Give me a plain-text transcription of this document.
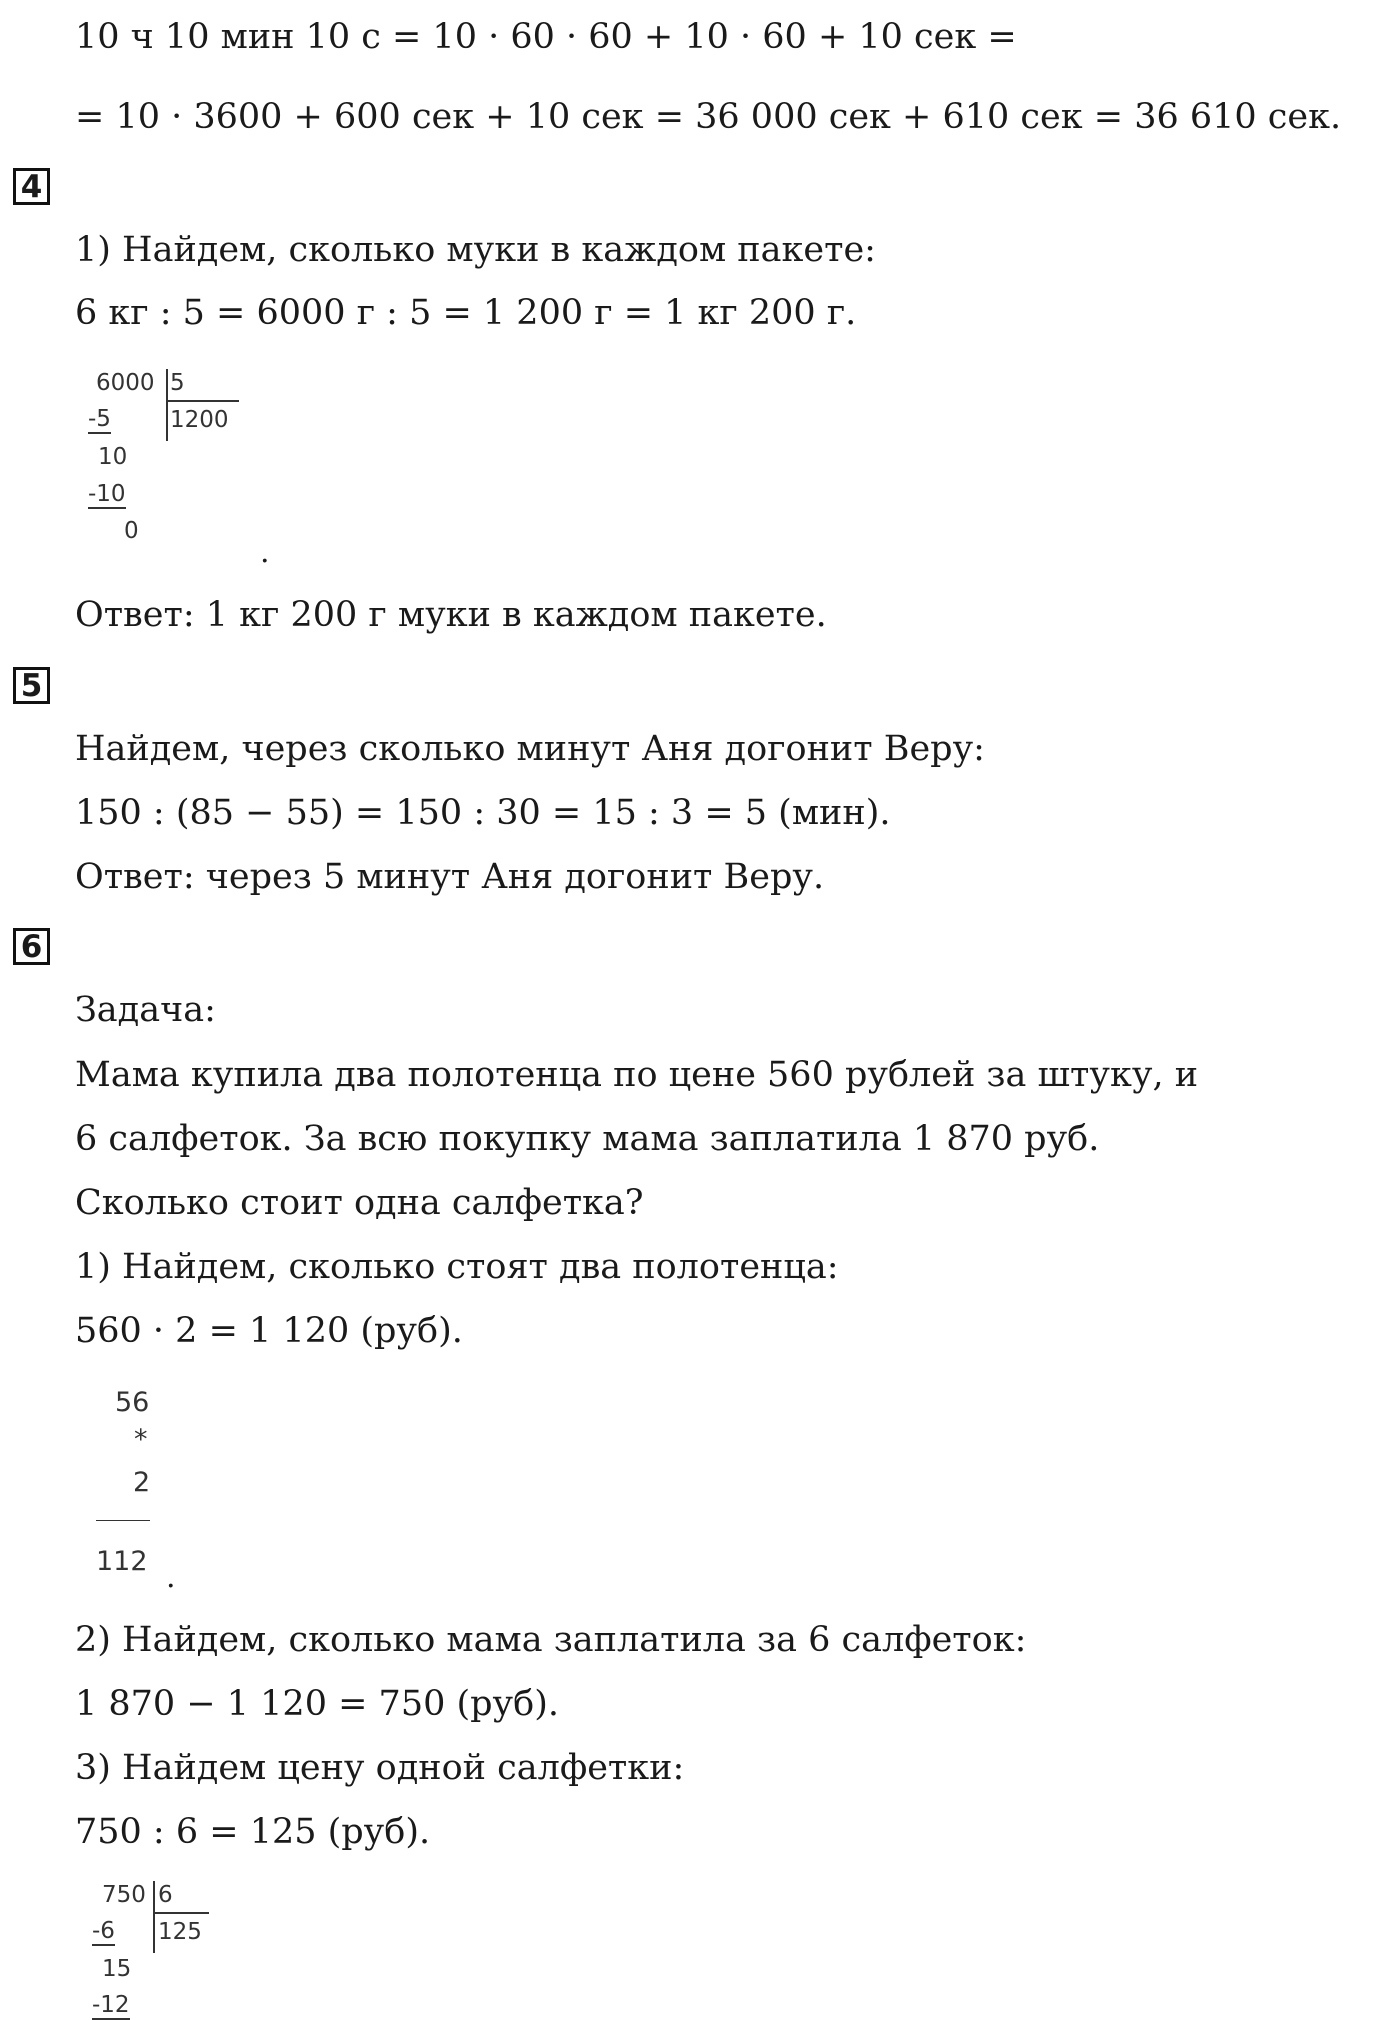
10 ч 10 мин 10 с = 10 · 60 · 60 + 10 · 60 + 10 сек =
= 10 · 3600 + 600 сек + 10 сек = 36 000 сек + 610 сек = 36 610 сек.
4
1) Найдем, сколько муки в каждом пакете:
6 кг : 5 = 6000 г : 5 = 1 200 г = 1 кг 200 г.
6000 5
1200
-5
10
-10
0
.
Ответ: 1 кг 200 г муки в каждом пакете.
5
Найдем, через сколько минут Аня догонит Веру:
150 : (85 − 55) = 150 : 30 = 15 : 3 = 5 (мин).
Ответ: через 5 минут Аня догонит Веру.
6
Задача:
Мама купила два полотенца по цене 560 рублей за штуку, и
6 салфеток. За всю покупку мама заплатила 1 870 руб.
Сколько стоит одна салфетка?
1) Найдем, сколько стоят два полотенца:
560 · 2 = 1 120 (руб).
56
*
2
112 .
2) Найдем, сколько мама заплатила за 6 салфеток:
1 870 − 1 120 = 750 (руб).
3) Найдем цену одной салфетки:
750 : 6 = 125 (руб).
750 6
125
-6
15
-12
